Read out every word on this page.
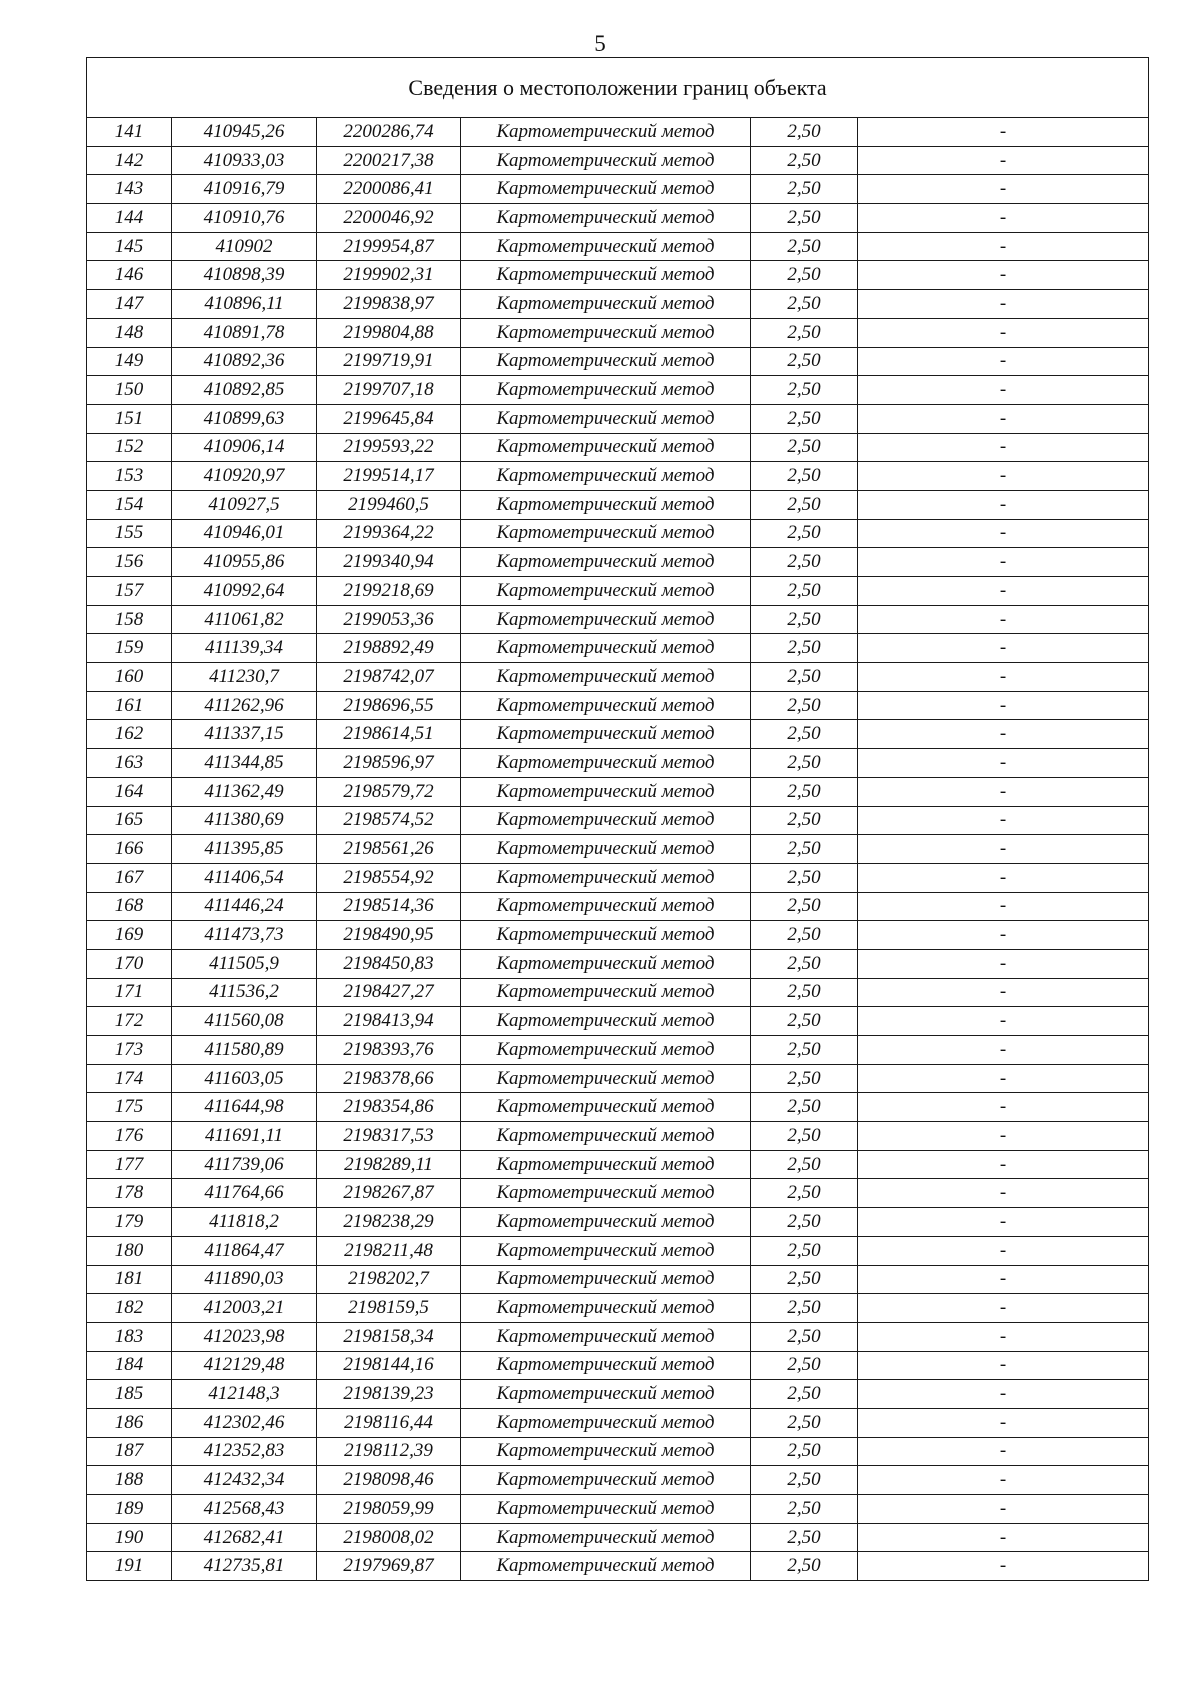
5
Сведения о местоположении границ объекта					
141	410945,26	2200286,74	Картометрический метод	2,50	-
142	410933,03	2200217,38	Картометрический метод	2,50	-
143	410916,79	2200086,41	Картометрический метод	2,50	-
144	410910,76	2200046,92	Картометрический метод	2,50	-
145	410902	2199954,87	Картометрический метод	2,50	-
146	410898,39	2199902,31	Картометрический метод	2,50	-
147	410896,11	2199838,97	Картометрический метод	2,50	-
148	410891,78	2199804,88	Картометрический метод	2,50	-
149	410892,36	2199719,91	Картометрический метод	2,50	-
150	410892,85	2199707,18	Картометрический метод	2,50	-
151	410899,63	2199645,84	Картометрический метод	2,50	-
152	410906,14	2199593,22	Картометрический метод	2,50	-
153	410920,97	2199514,17	Картометрический метод	2,50	-
154	410927,5	2199460,5	Картометрический метод	2,50	-
155	410946,01	2199364,22	Картометрический метод	2,50	-
156	410955,86	2199340,94	Картометрический метод	2,50	-
157	410992,64	2199218,69	Картометрический метод	2,50	-
158	411061,82	2199053,36	Картометрический метод	2,50	-
159	411139,34	2198892,49	Картометрический метод	2,50	-
160	411230,7	2198742,07	Картометрический метод	2,50	-
161	411262,96	2198696,55	Картометрический метод	2,50	-
162	411337,15	2198614,51	Картометрический метод	2,50	-
163	411344,85	2198596,97	Картометрический метод	2,50	-
164	411362,49	2198579,72	Картометрический метод	2,50	-
165	411380,69	2198574,52	Картометрический метод	2,50	-
166	411395,85	2198561,26	Картометрический метод	2,50	-
167	411406,54	2198554,92	Картометрический метод	2,50	-
168	411446,24	2198514,36	Картометрический метод	2,50	-
169	411473,73	2198490,95	Картометрический метод	2,50	-
170	411505,9	2198450,83	Картометрический метод	2,50	-
171	411536,2	2198427,27	Картометрический метод	2,50	-
172	411560,08	2198413,94	Картометрический метод	2,50	-
173	411580,89	2198393,76	Картометрический метод	2,50	-
174	411603,05	2198378,66	Картометрический метод	2,50	-
175	411644,98	2198354,86	Картометрический метод	2,50	-
176	411691,11	2198317,53	Картометрический метод	2,50	-
177	411739,06	2198289,11	Картометрический метод	2,50	-
178	411764,66	2198267,87	Картометрический метод	2,50	-
179	411818,2	2198238,29	Картометрический метод	2,50	-
180	411864,47	2198211,48	Картометрический метод	2,50	-
181	411890,03	2198202,7	Картометрический метод	2,50	-
182	412003,21	2198159,5	Картометрический метод	2,50	-
183	412023,98	2198158,34	Картометрический метод	2,50	-
184	412129,48	2198144,16	Картометрический метод	2,50	-
185	412148,3	2198139,23	Картометрический метод	2,50	-
186	412302,46	2198116,44	Картометрический метод	2,50	-
187	412352,83	2198112,39	Картометрический метод	2,50	-
188	412432,34	2198098,46	Картометрический метод	2,50	-
189	412568,43	2198059,99	Картометрический метод	2,50	-
190	412682,41	2198008,02	Картометрический метод	2,50	-
191	412735,81	2197969,87	Картометрический метод	2,50	-
